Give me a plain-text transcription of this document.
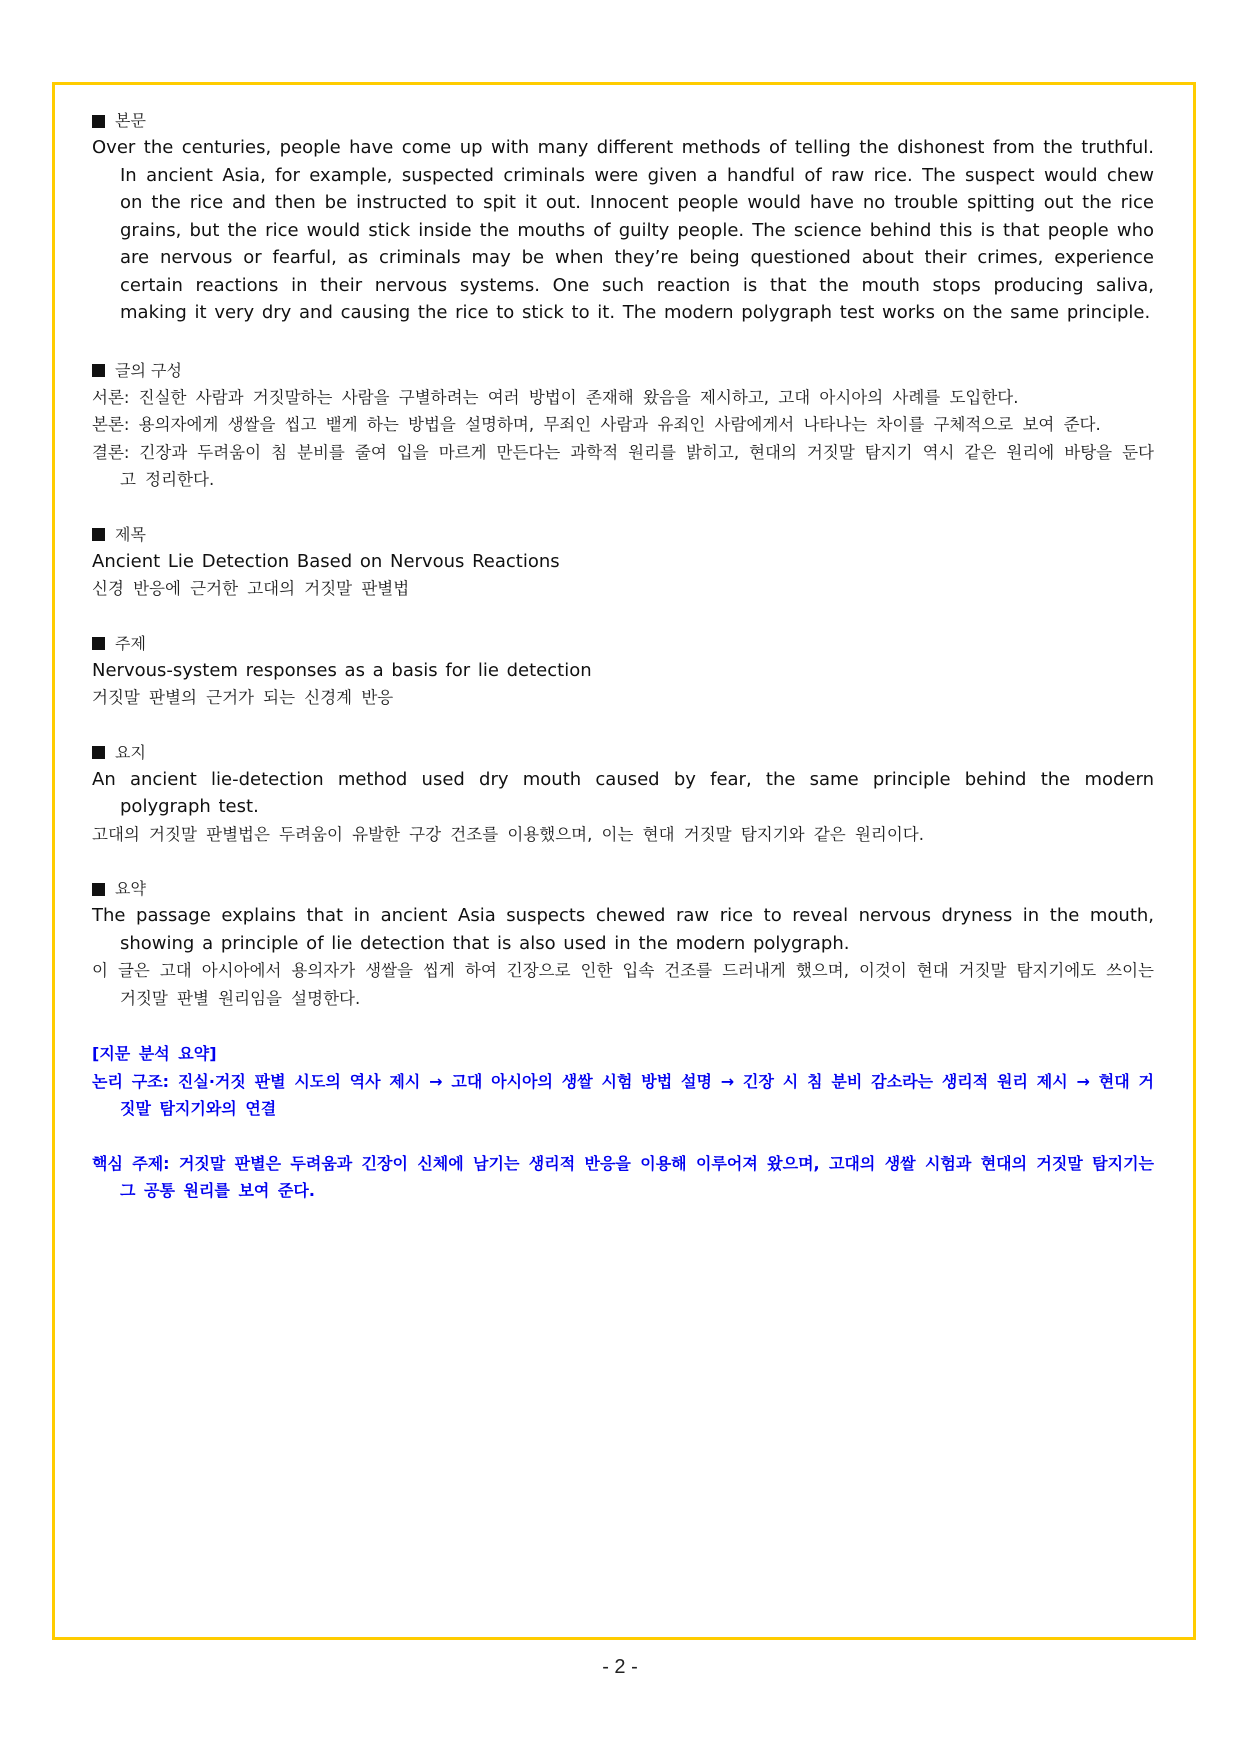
본문

Over the centuries, people have come up with many different methods of telling the dishonest from the truthful. In ancient Asia, for example, suspected criminals were given a handful of raw rice. The suspect would chew on the rice and then be instructed to spit it out. Innocent people would have no trouble spitting out the rice grains, but the rice would stick inside the mouths of guilty people. The science behind this is that people who are nervous or fearful, as criminals may be when they’re being questioned about their crimes, experience certain reactions in their nervous systems. One such reaction is that the mouth stops producing saliva, making it very dry and causing the rice to stick to it. The modern polygraph test works on the same principle.

글의 구성

서론: 진실한 사람과 거짓말하는 사람을 구별하려는 여러 방법이 존재해 왔음을 제시하고, 고대 아시아의 사례를 도입한다.

본론: 용의자에게 생쌀을 씹고 뱉게 하는 방법을 설명하며, 무죄인 사람과 유죄인 사람에게서 나타나는 차이를 구체적으로 보여 준다.

결론: 긴장과 두려움이 침 분비를 줄여 입을 마르게 만든다는 과학적 원리를 밝히고, 현대의 거짓말 탐지기 역시 같은 원리에 바탕을 둔다고 정리한다.

제목

Ancient Lie Detection Based on Nervous Reactions

신경 반응에 근거한 고대의 거짓말 판별법

주제

Nervous-system responses as a basis for lie detection

거짓말 판별의 근거가 되는 신경계 반응

요지

An ancient lie-detection method used dry mouth caused by fear, the same principle behind the modern polygraph test.

고대의 거짓말 판별법은 두려움이 유발한 구강 건조를 이용했으며, 이는 현대 거짓말 탐지기와 같은 원리이다.

요약

The passage explains that in ancient Asia suspects chewed raw rice to reveal nervous dryness in the mouth, showing a principle of lie detection that is also used in the modern polygraph.

이 글은 고대 아시아에서 용의자가 생쌀을 씹게 하여 긴장으로 인한 입속 건조를 드러내게 했으며, 이것이 현대 거짓말 탐지기에도 쓰이는 거짓말 판별 원리임을 설명한다.

[지문 분석 요약]

논리 구조: 진실·거짓 판별 시도의 역사 제시 → 고대 아시아의 생쌀 시험 방법 설명 → 긴장 시 침 분비 감소라는 생리적 원리 제시 → 현대 거짓말 탐지기와의 연결

핵심 주제: 거짓말 판별은 두려움과 긴장이 신체에 남기는 생리적 반응을 이용해 이루어져 왔으며, 고대의 생쌀 시험과 현대의 거짓말 탐지기는 그 공통 원리를 보여 준다.

- 2 -
